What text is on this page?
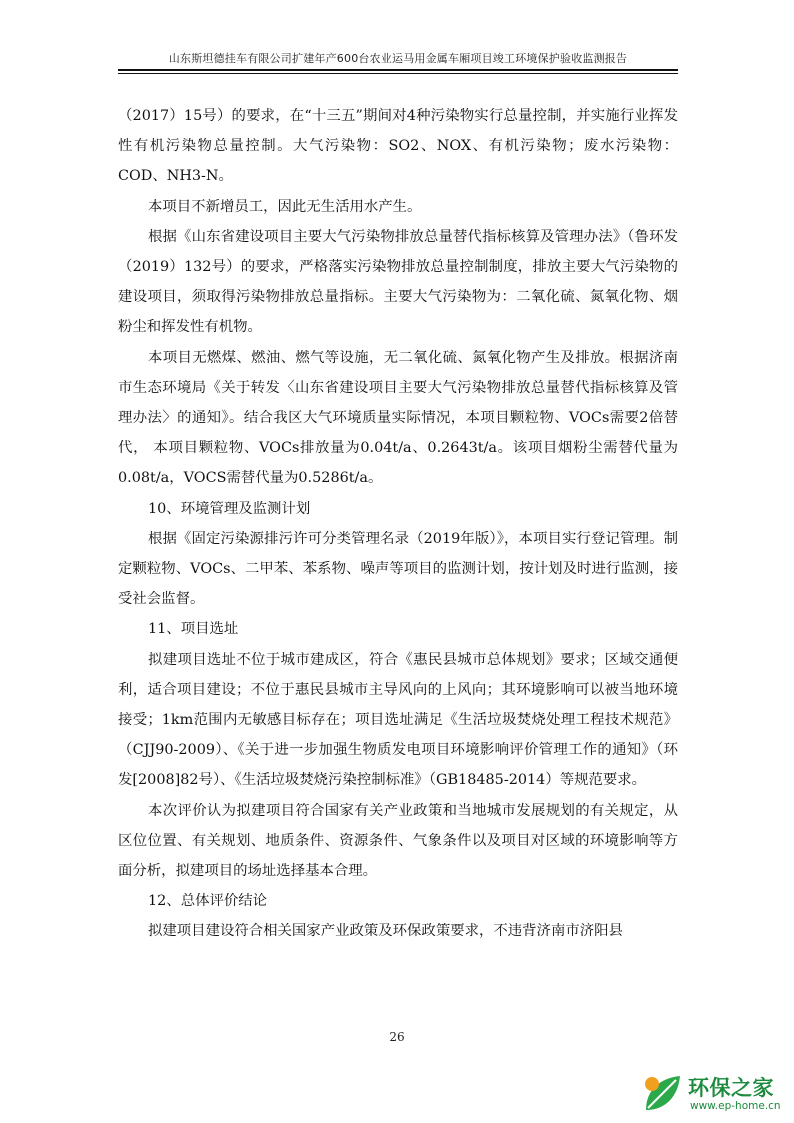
山东斯坦德挂车有限公司扩建年产600台农业运马用金属车厢项目竣工环境保护验收监测报告

（2017）15号）的要求，在“十三五”期间对4种污染物实行总量控制，并实施行业挥发性有机污染物总量控制。大气污染物：SO2、NOX、有机污染物；废水污染物：COD、NH3-N。

本项目不新增员工，因此无生活用水产生。

根据《山东省建设项目主要大气污染物排放总量替代指标核算及管理办法》（鲁环发（2019）132号）的要求，严格落实污染物排放总量控制制度，排放主要大气污染物的建设项目，须取得污染物排放总量指标。主要大气污染物为：二氧化硫、氮氧化物、烟粉尘和挥发性有机物。

本项目无燃煤、燃油、燃气等设施，无二氧化硫、氮氧化物产生及排放。根据济南市生态环境局《关于转发〈山东省建设项目主要大气污染物排放总量替代指标核算及管理办法〉的通知》。结合我区大气环境质量实际情况，本项目颗粒物、VOCs需要2倍替代， 本项目颗粒物、VOCs排放量为0.04t/a、0.2643t/a。该项目烟粉尘需替代量为0.08t/a，VOCS需替代量为0.5286t/a。

10、环境管理及监测计划

根据《固定污染源排污许可分类管理名录（2019年版）》，本项目实行登记管理。制定颗粒物、VOCs、二甲苯、苯系物、噪声等项目的监测计划，按计划及时进行监测，接受社会监督。

11、项目选址

拟建项目选址不位于城市建成区，符合《惠民县城市总体规划》要求；区域交通便利，适合项目建设；不位于惠民县城市主导风向的上风向；其环境影响可以被当地环境接受；1km范围内无敏感目标存在；项目选址满足《生活垃圾焚烧处理工程技术规范》（CJJ90-2009）、《关于进一步加强生物质发电项目环境影响评价管理工作的通知》（环发[2008]82号）、《生活垃圾焚烧污染控制标准》（GB18485-2014）等规范要求。

本次评价认为拟建项目符合国家有关产业政策和当地城市发展规划的有关规定，从区位位置、有关规划、地质条件、资源条件、气象条件以及项目对区域的环境影响等方面分析，拟建项目的场址选择基本合理。

12、总体评价结论

拟建项目建设符合相关国家产业政策及环保政策要求，不违背济南市济阳县

26
环保之家
www.ep-home.cn
